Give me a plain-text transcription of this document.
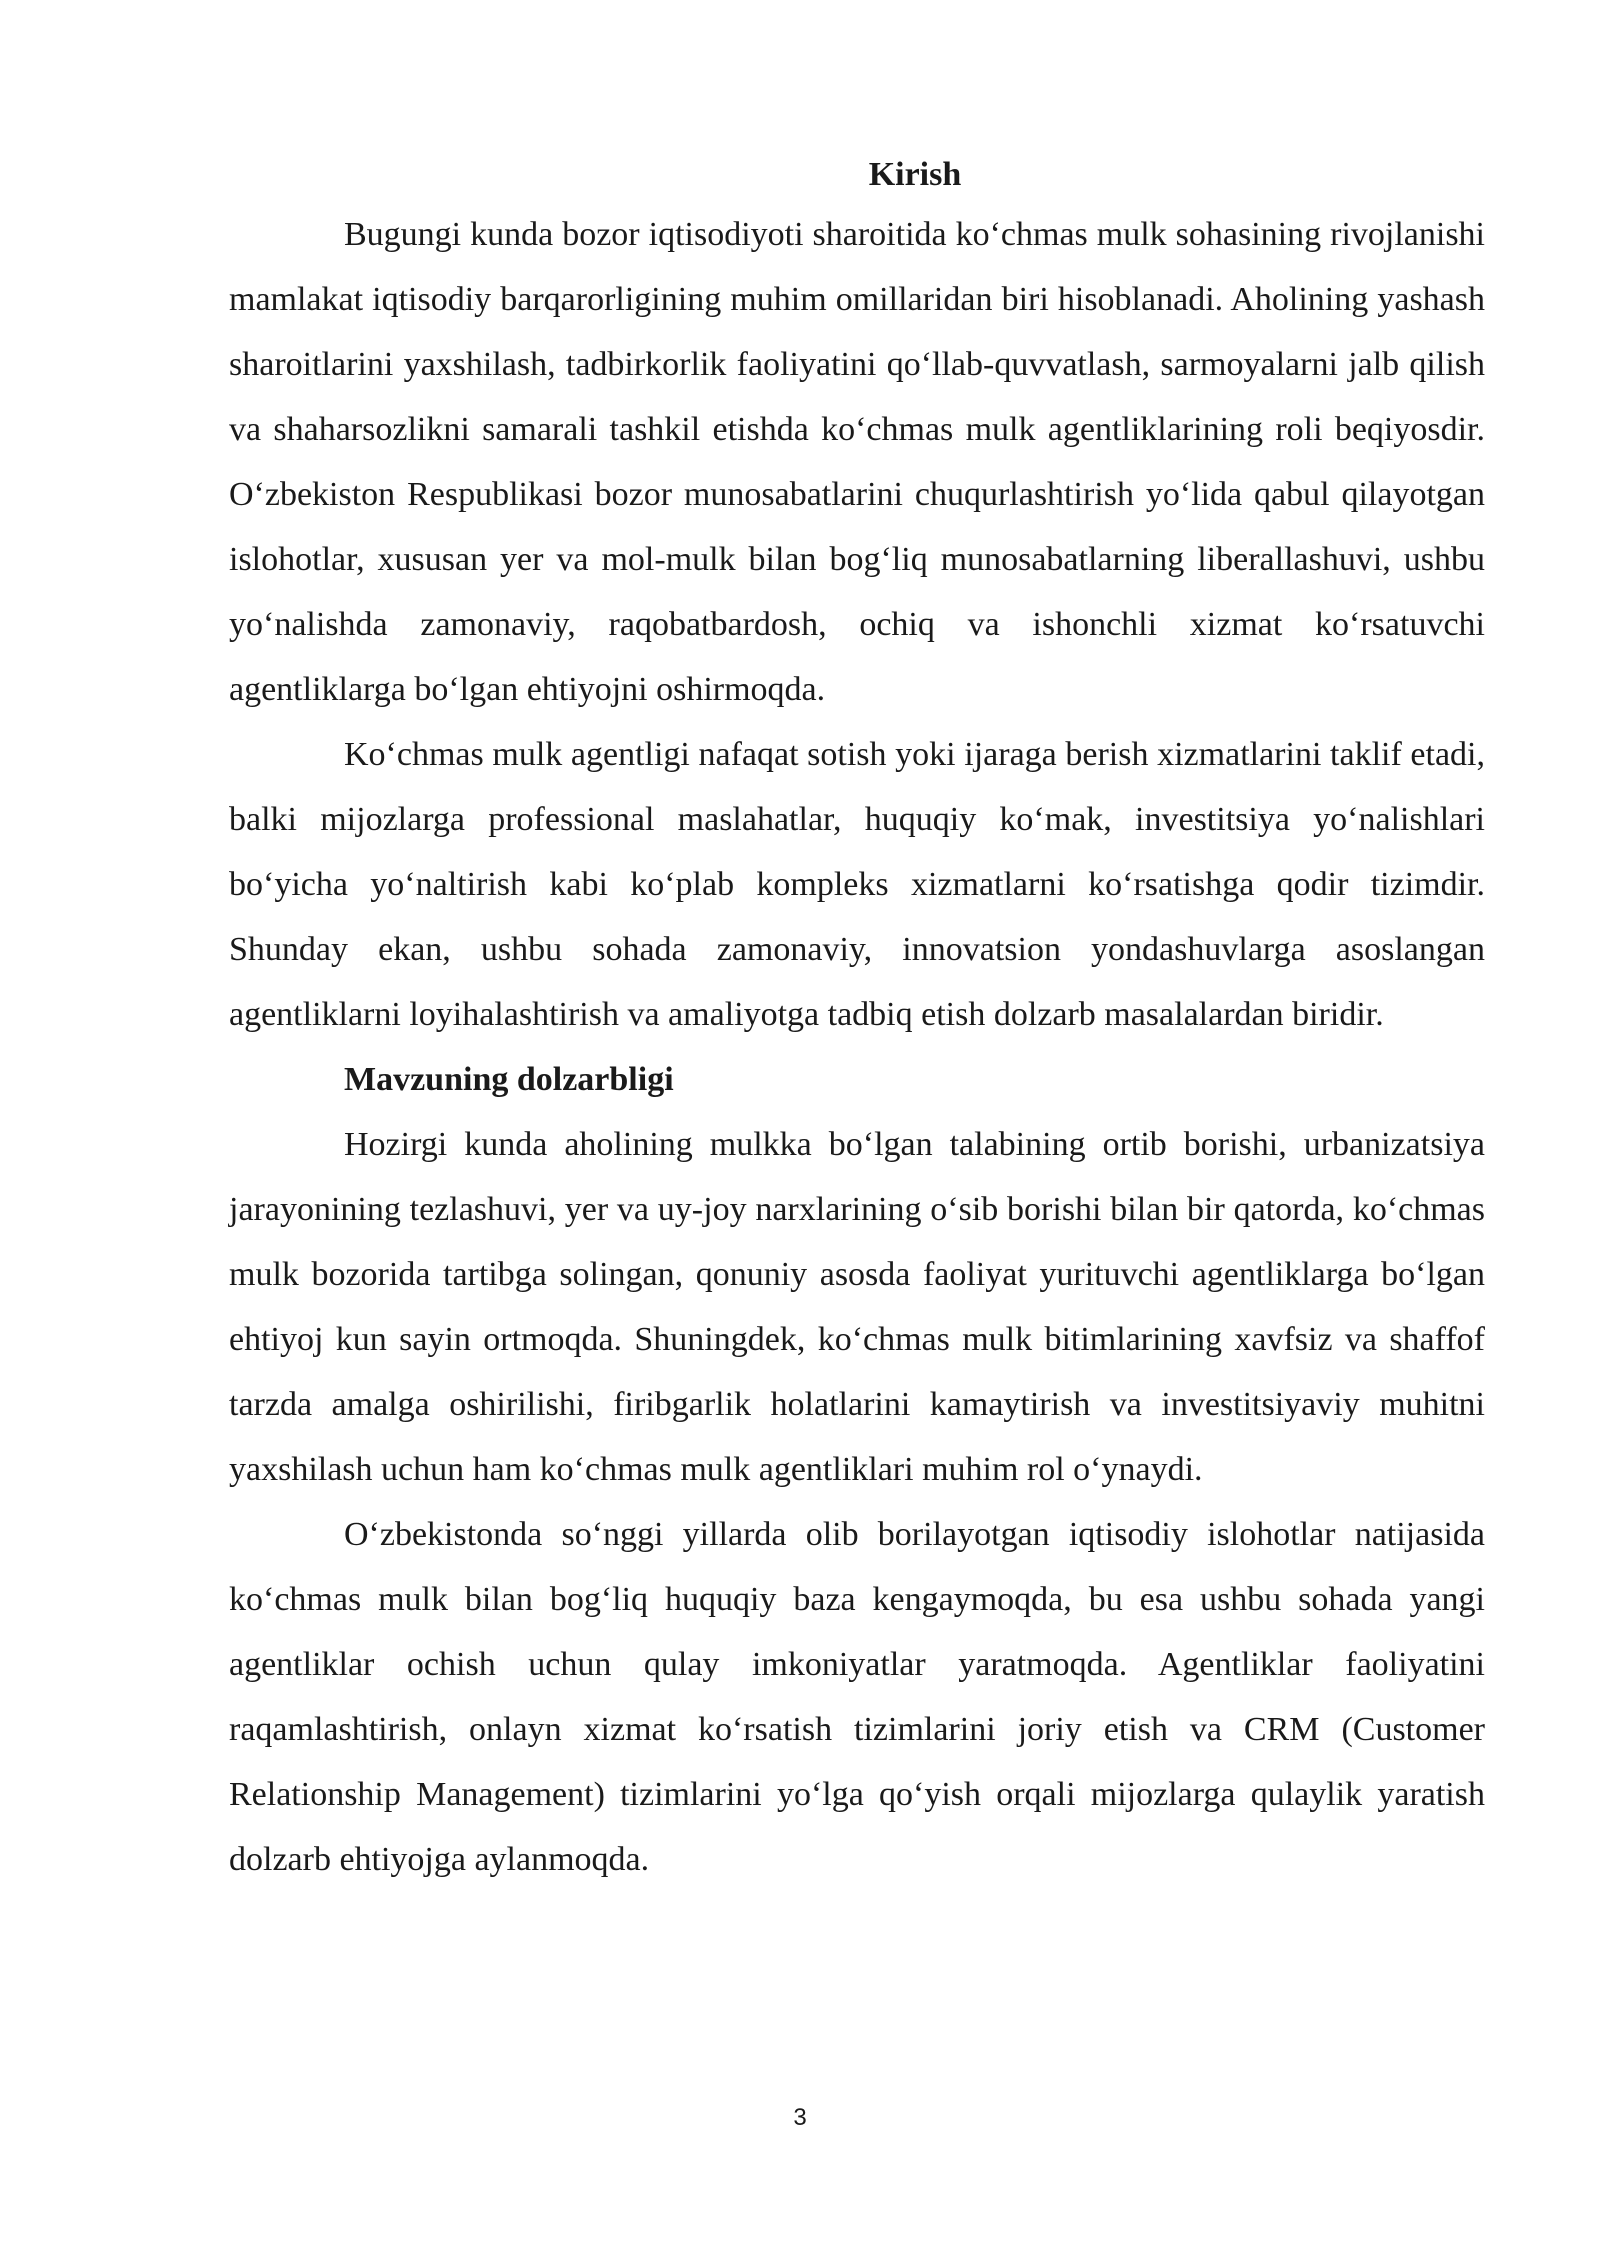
Kirish

Bugungi kunda bozor iqtisodiyoti sharoitida ko‘chmas mulk sohasining rivojlanishi mamlakat iqtisodiy barqarorligining muhim omillaridan biri hisoblanadi. Aholining yashash sharoitlarini yaxshilash, tadbirkorlik faoliyatini qo‘llab-quvvatlash, sarmoyalarni jalb qilish va shaharsozlikni samarali tashkil etishda ko‘chmas mulk agentliklarining roli beqiyosdir. O‘zbekiston Respublikasi bozor munosabatlarini chuqurlashtirish yo‘lida qabul qilayotgan islohotlar, xususan yer va mol-mulk bilan bog‘liq munosabatlarning liberallashuvi, ushbu yo‘nalishda zamonaviy, raqobatbardosh, ochiq va ishonchli xizmat ko‘rsatuvchi agentliklarga bo‘lgan ehtiyojni oshirmoqda.

Ko‘chmas mulk agentligi nafaqat sotish yoki ijaraga berish xizmatlarini taklif etadi, balki mijozlarga professional maslahatlar, huquqiy ko‘mak, investitsiya yo‘nalishlari bo‘yicha yo‘naltirish kabi ko‘plab kompleks xizmatlarni ko‘rsatishga qodir tizimdir. Shunday ekan, ushbu sohada zamonaviy, innovatsion yondashuvlarga asoslangan agentliklarni loyihalashtirish va amaliyotga tadbiq etish dolzarb masalalardan biridir.

Mavzuning dolzarbligi

Hozirgi kunda aholining mulkka bo‘lgan talabining ortib borishi, urbanizatsiya jarayonining tezlashuvi, yer va uy-joy narxlarining o‘sib borishi bilan bir qatorda, ko‘chmas mulk bozorida tartibga solingan, qonuniy asosda faoliyat yurituvchi agentliklarga bo‘lgan ehtiyoj kun sayin ortmoqda. Shuningdek, ko‘chmas mulk bitimlarining xavfsiz va shaffof tarzda amalga oshirilishi, firibgarlik holatlarini kamaytirish va investitsiyaviy muhitni yaxshilash uchun ham ko‘chmas mulk agentliklari muhim rol o‘ynaydi.

O‘zbekistonda so‘nggi yillarda olib borilayotgan iqtisodiy islohotlar natijasida ko‘chmas mulk bilan bog‘liq huquqiy baza kengaymoqda, bu esa ushbu sohada yangi agentliklar ochish uchun qulay imkoniyatlar yaratmoqda. Agentliklar faoliyatini raqamlashtirish, onlayn xizmat ko‘rsatish tizimlarini joriy etish va CRM (Customer Relationship Management) tizimlarini yo‘lga qo‘yish orqali mijozlarga qulaylik yaratish dolzarb ehtiyojga aylanmoqda.

3
